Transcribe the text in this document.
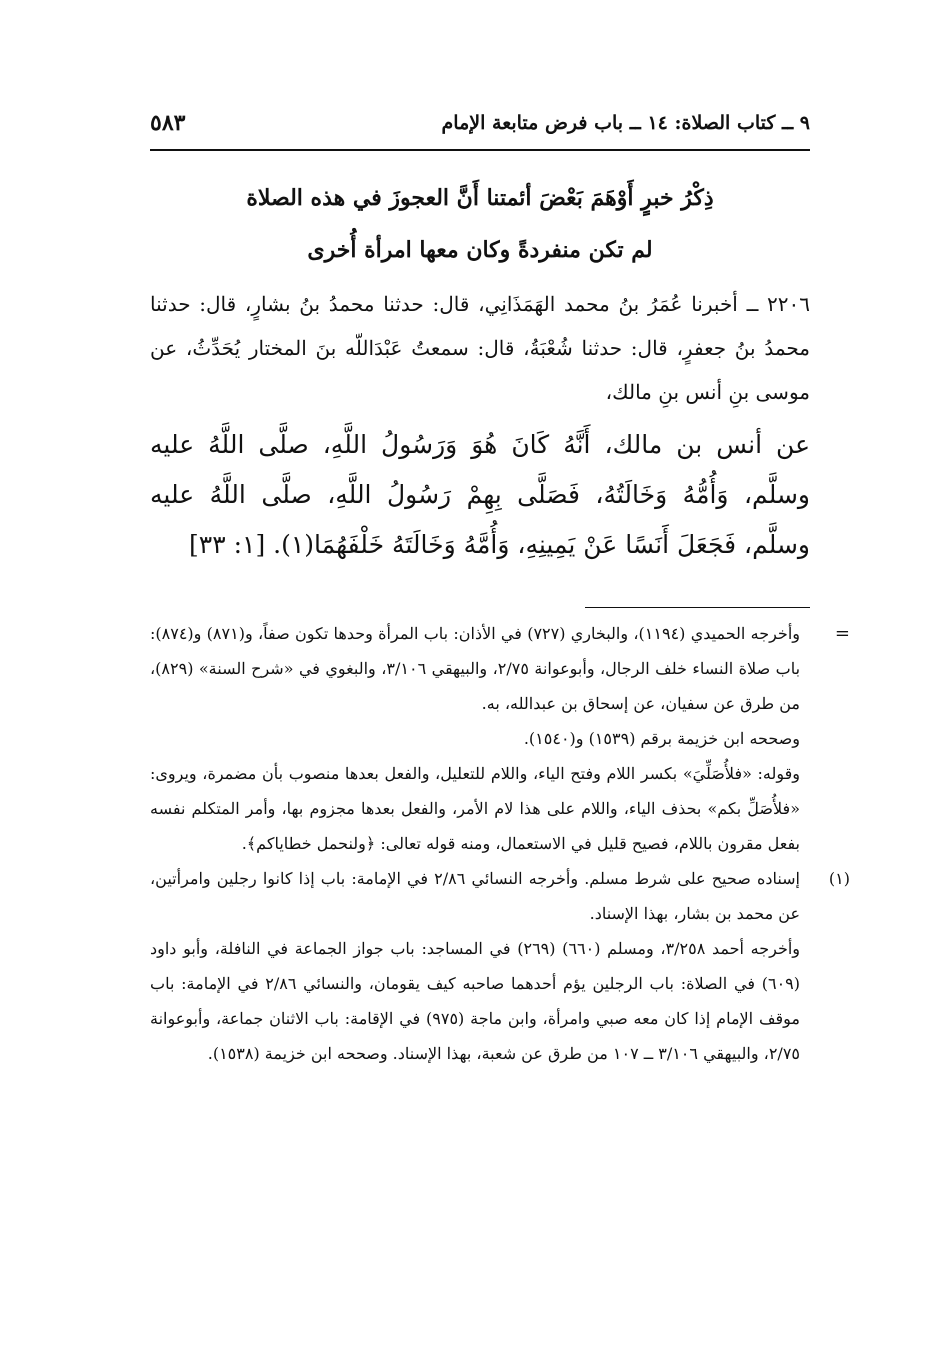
٩ ــ كتاب الصلاة: ١٤ ــ باب فرض متابعة الإمام
٥٨٣
ذِكْرُ خبرٍ أَوْهَمَ بَعْضَ أئمتنا أَنَّ العجوزَ في هذه الصلاة
لم تكن منفردةً وكان معها امرأة أُخرى

٢٢٠٦ ــ أخبرنا عُمَرُ بنُ محمد الهَمَذَانِي، قال: حدثنا محمدُ بنُ بشارٍ، قال: حدثنا محمدُ بنُ جعفرٍ، قال: حدثنا شُعْبَةُ، قال: سمعتُ عَبْدَاللّه بنَ المختار يُحَدِّثُ، عن موسى بنِ أنس بنِ مالك،

عن أنس بن مالك، أَنَّهُ كَانَ هُوَ وَرَسُولُ اللَّهِ، صلَّى اللَّهُ عليه وسلَّم، وَأُمُّهُ وَخَالَتُهُ، فَصَلَّى بِهِمْ رَسُولُ اللَّهِ، صلَّى اللَّهُ عليه وسلَّم، فَجَعَلَ أَنَسًا عَنْ يَمِينِهِ، وَأُمَّهُ وَخَالَتَهُ خَلْفَهُمَا(١). [١: ٣٣]

=

وأخرجه الحميدي (١١٩٤)، والبخاري (٧٢٧) في الأذان: باب المرأة وحدها تكون صفاً، و(٨٧١) و(٨٧٤): باب صلاة النساء خلف الرجال، وأبوعوانة ٢/٧٥، والبيهقي ٣/١٠٦، والبغوي في «شرح السنة» (٨٢٩)، من طرق عن سفيان، عن إسحاق بن عبدالله، به.

وصححه ابن خزيمة برقم (١٥٣٩) و(١٥٤٠).

وقوله: «فلأُصَلِّيَ» بكسر اللام وفتح الياء، واللام للتعليل، والفعل بعدها منصوب بأن مضمرة، ويروى: «فلأُصَلِّ بكم» بحذف الياء، واللام على هذا لام الأمر، والفعل بعدها مجزوم بها، وأمر المتكلم نفسه بفعل مقرون باللام، فصيح قليل في الاستعمال، ومنه قوله تعالى: ﴿ولنحمل خطاياكم﴾.

(١)

إسناده صحيح على شرط مسلم. وأخرجه النسائي ٢/٨٦ في الإمامة: باب إذا كانوا رجلين وامرأتين، عن محمد بن بشار، بهذا الإسناد.

وأخرجه أحمد ٣/٢٥٨، ومسلم (٦٦٠) (٢٦٩) في المساجد: باب جواز الجماعة في النافلة، وأبو داود (٦٠٩) في الصلاة: باب الرجلين يؤم أحدهما صاحبه كيف يقومان، والنسائي ٢/٨٦ في الإمامة: باب موقف الإمام إذا كان معه صبي وامرأة، وابن ماجة (٩٧٥) في الإقامة: باب الاثنان جماعة، وأبوعوانة ٢/٧٥، والبيهقي ٣/١٠٦ ــ ١٠٧ من طرق عن شعبة، بهذا الإسناد. وصححه ابن خزيمة (١٥٣٨).
